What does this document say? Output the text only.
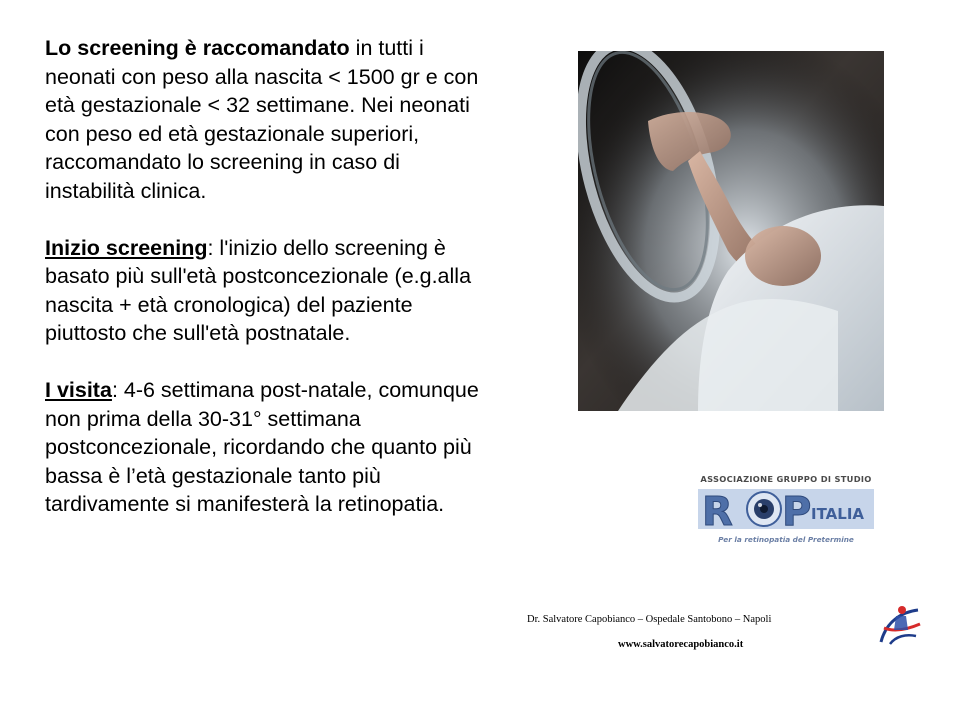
Lo screening è raccomandato in tutti i neonati con peso alla nascita < 1500 gr e con età gestazionale < 32 settimane. Nei neonati con peso ed età gestazionale superiori, raccomandato lo screening in caso di instabilità clinica.

Inizio screening: l'inizio dello screening è basato più sull'età postconcezionale (e.g.alla nascita + età cronologica) del paziente piuttosto che sull'età postnatale.

I visita: 4-6 settimana post-natale, comunque non prima della 30-31° settimana postconcezionale, ricordando che quanto più bassa è l’età gestazionale tanto più tardivamente si manifesterà la retinopatia.

ASSOCIAZIONE GRUPPO DI STUDIO
R P ITALIA
Per la retinopatia del Pretermine
Dr. Salvatore Capobianco – Ospedale Santobono – Napoli
www.salvatorecapobianco.it
